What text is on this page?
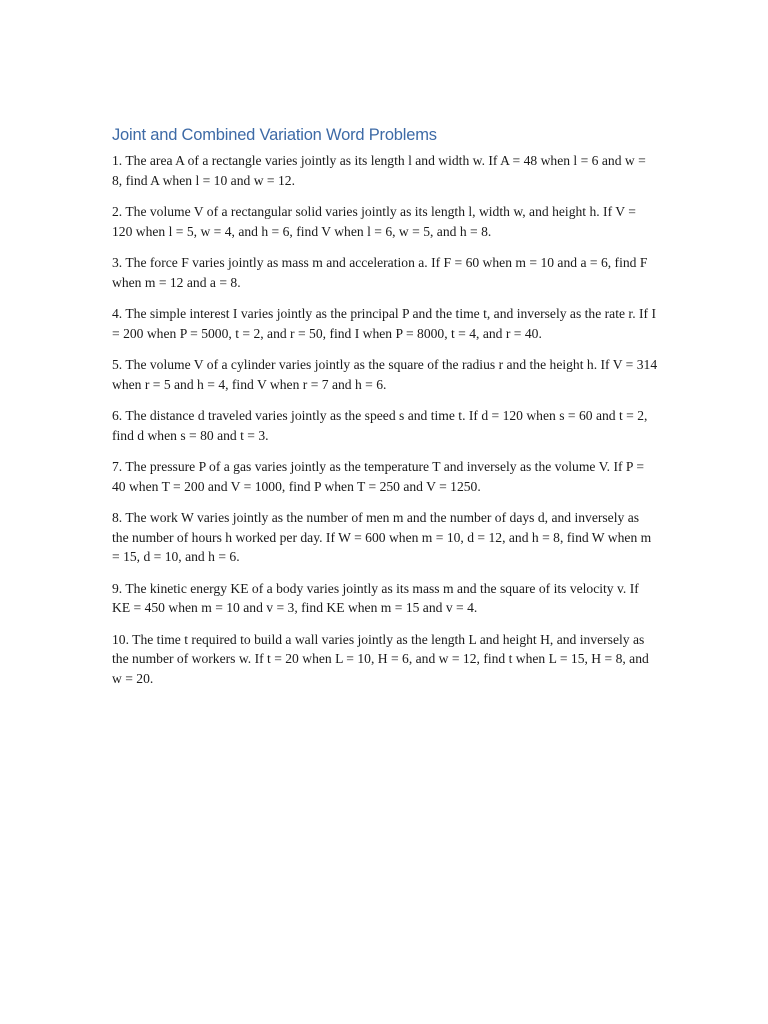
Joint and Combined Variation Word Problems

1. The area A of a rectangle varies jointly as its length l and width w. If A = 48 when l = 6 and w = 8, find A when l = 10 and w = 12.

2. The volume V of a rectangular solid varies jointly as its length l, width w, and height h. If V = 120 when l = 5, w = 4, and h = 6, find V when l = 6, w = 5, and h = 8.

3. The force F varies jointly as mass m and acceleration a. If F = 60 when m = 10 and a = 6, find F when m = 12 and a = 8.

4. The simple interest I varies jointly as the principal P and the time t, and inversely as the rate r. If I = 200 when P = 5000, t = 2, and r = 50, find I when P = 8000, t = 4, and r = 40.

5. The volume V of a cylinder varies jointly as the square of the radius r and the height h. If V = 314 when r = 5 and h = 4, find V when r = 7 and h = 6.

6. The distance d traveled varies jointly as the speed s and time t. If d = 120 when s = 60 and t = 2, find d when s = 80 and t = 3.

7. The pressure P of a gas varies jointly as the temperature T and inversely as the volume V. If P = 40 when T = 200 and V = 1000, find P when T = 250 and V = 1250.

8. The work W varies jointly as the number of men m and the number of days d, and inversely as the number of hours h worked per day. If W = 600 when m = 10, d = 12, and h = 8, find W when m = 15, d = 10, and h = 6.

9. The kinetic energy KE of a body varies jointly as its mass m and the square of its velocity v. If KE = 450 when m = 10 and v = 3, find KE when m = 15 and v = 4.

10. The time t required to build a wall varies jointly as the length L and height H, and inversely as the number of workers w. If t = 20 when L = 10, H = 6, and w = 12, find t when L = 15, H = 8, and w = 20.
